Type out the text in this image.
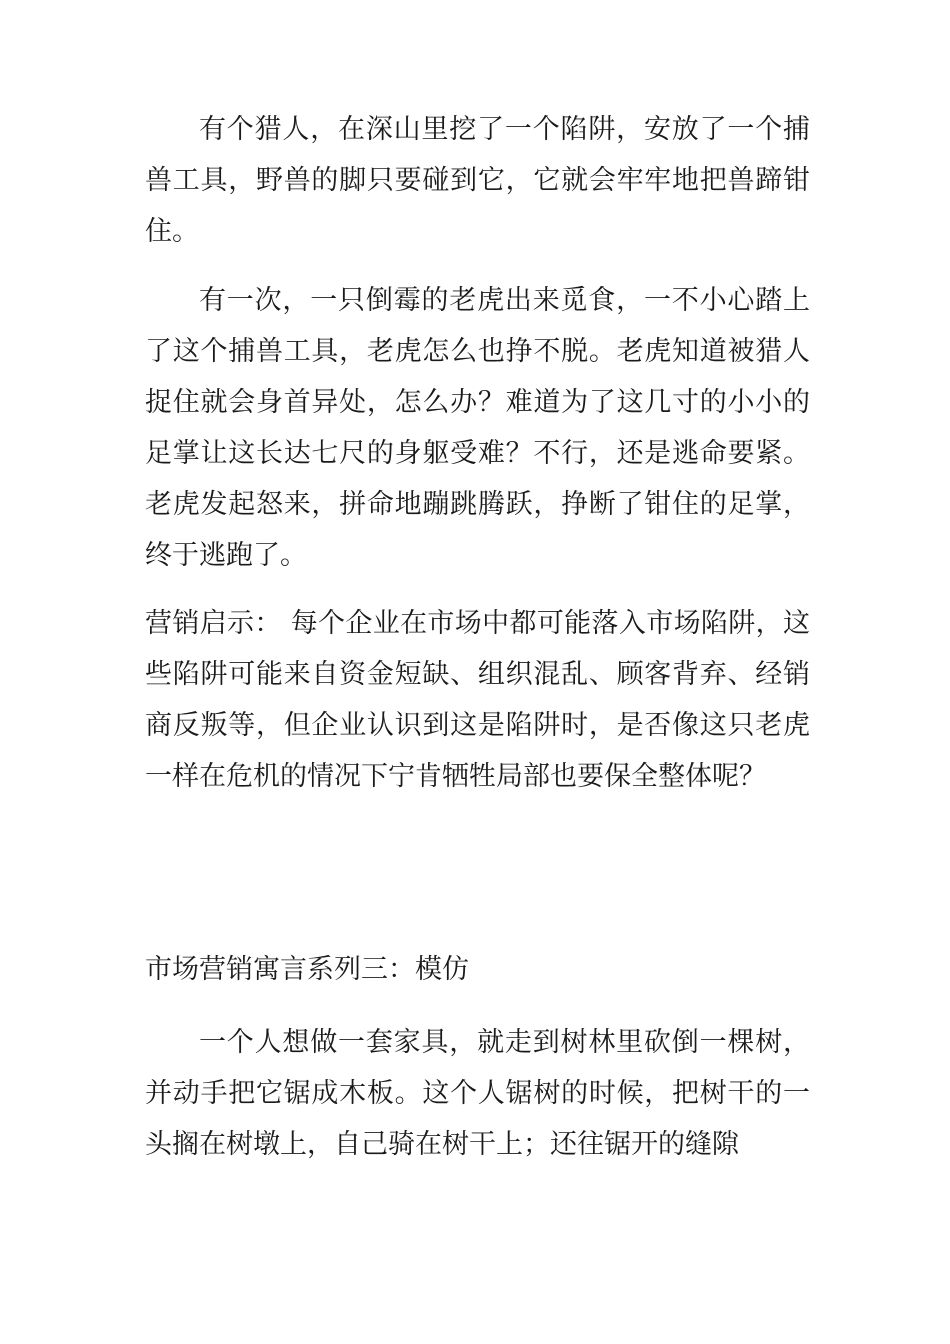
有个猎人，在深山里挖了一个陷阱，安放了一个捕兽工具，野兽的脚只要碰到它，它就会牢牢地把兽蹄钳住。

有一次，一只倒霉的老虎出来觅食，一不小心踏上了这个捕兽工具，老虎怎么也挣不脱。老虎知道被猎人捉住就会身首异处，怎么办？难道为了这几寸的小小的足掌让这长达七尺的身躯受难？不行，还是逃命要紧。老虎发起怒来，拼命地蹦跳腾跃，挣断了钳住的足掌，终于逃跑了。

营销启示： 每个企业在市场中都可能落入市场陷阱，这些陷阱可能来自资金短缺、组织混乱、顾客背弃、经销商反叛等，但企业认识到这是陷阱时，是否像这只老虎一样在危机的情况下宁肯牺牲局部也要保全整体呢？

市场营销寓言系列三：模仿

一个人想做一套家具，就走到树林里砍倒一棵树，并动手把它锯成木板。这个人锯树的时候，把树干的一头搁在树墩上，自己骑在树干上；还往锯开的缝隙
